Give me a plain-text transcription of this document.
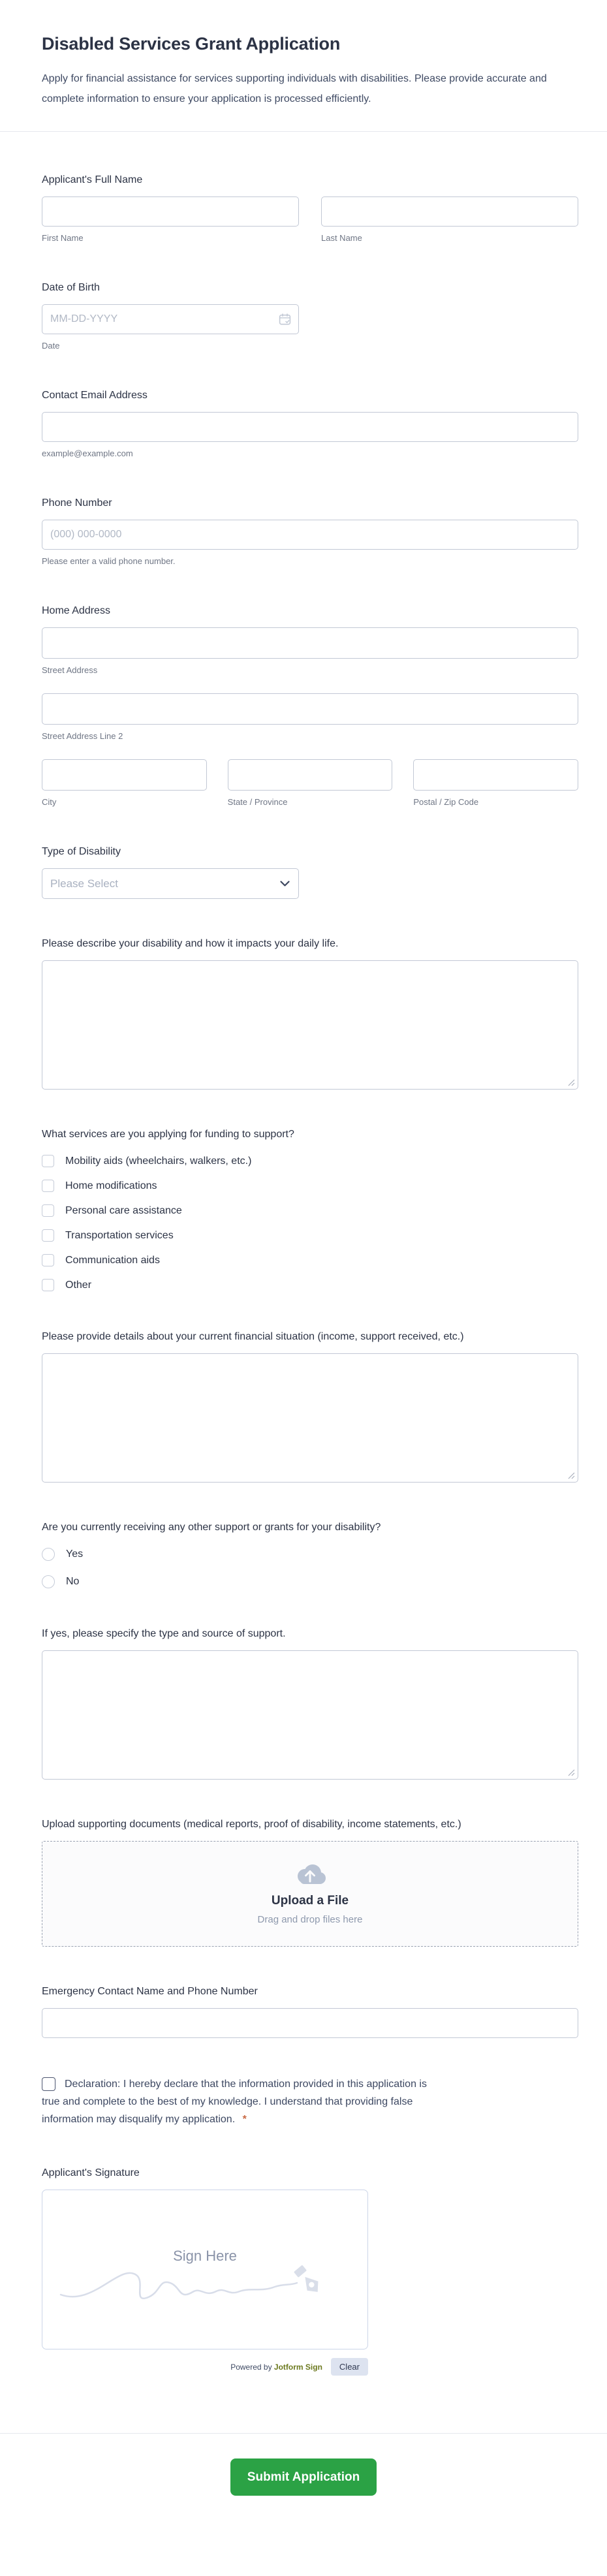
Disabled Services Grant Application

Apply for financial assistance for services supporting individuals with disabilities. Please provide accurate and complete information to ensure your application is processed efficiently.

Applicant's Full Name
First Name	Last Name
Date of Birth
MM-DD-YYYY
Date
Contact Email Address
example@example.com
Phone Number
(000) 000-0000
Please enter a valid phone number.
Home Address
Street Address
Street Address Line 2
City	State / Province	Postal / Zip Code
Type of Disability
Please Select
Please describe your disability and how it impacts your daily life.
What services are you applying for funding to support?
Mobility aids (wheelchairs, walkers, etc.)
Home modifications
Personal care assistance
Transportation services
Communication aids
Other
Please provide details about your current financial situation (income, support received, etc.)
Are you currently receiving any other support or grants for your disability?
Yes
No
If yes, please specify the type and source of support.
Upload supporting documents (medical reports, proof of disability, income statements, etc.)
Upload a File
Drag and drop files here
Emergency Contact Name and Phone Number
Declaration: I hereby declare that the information provided in this application is true and complete to the best of my knowledge. I understand that providing false information may disqualify my application. *
Applicant's Signature
Sign Here
Powered by Jotform Sign	Clear
Submit Application
